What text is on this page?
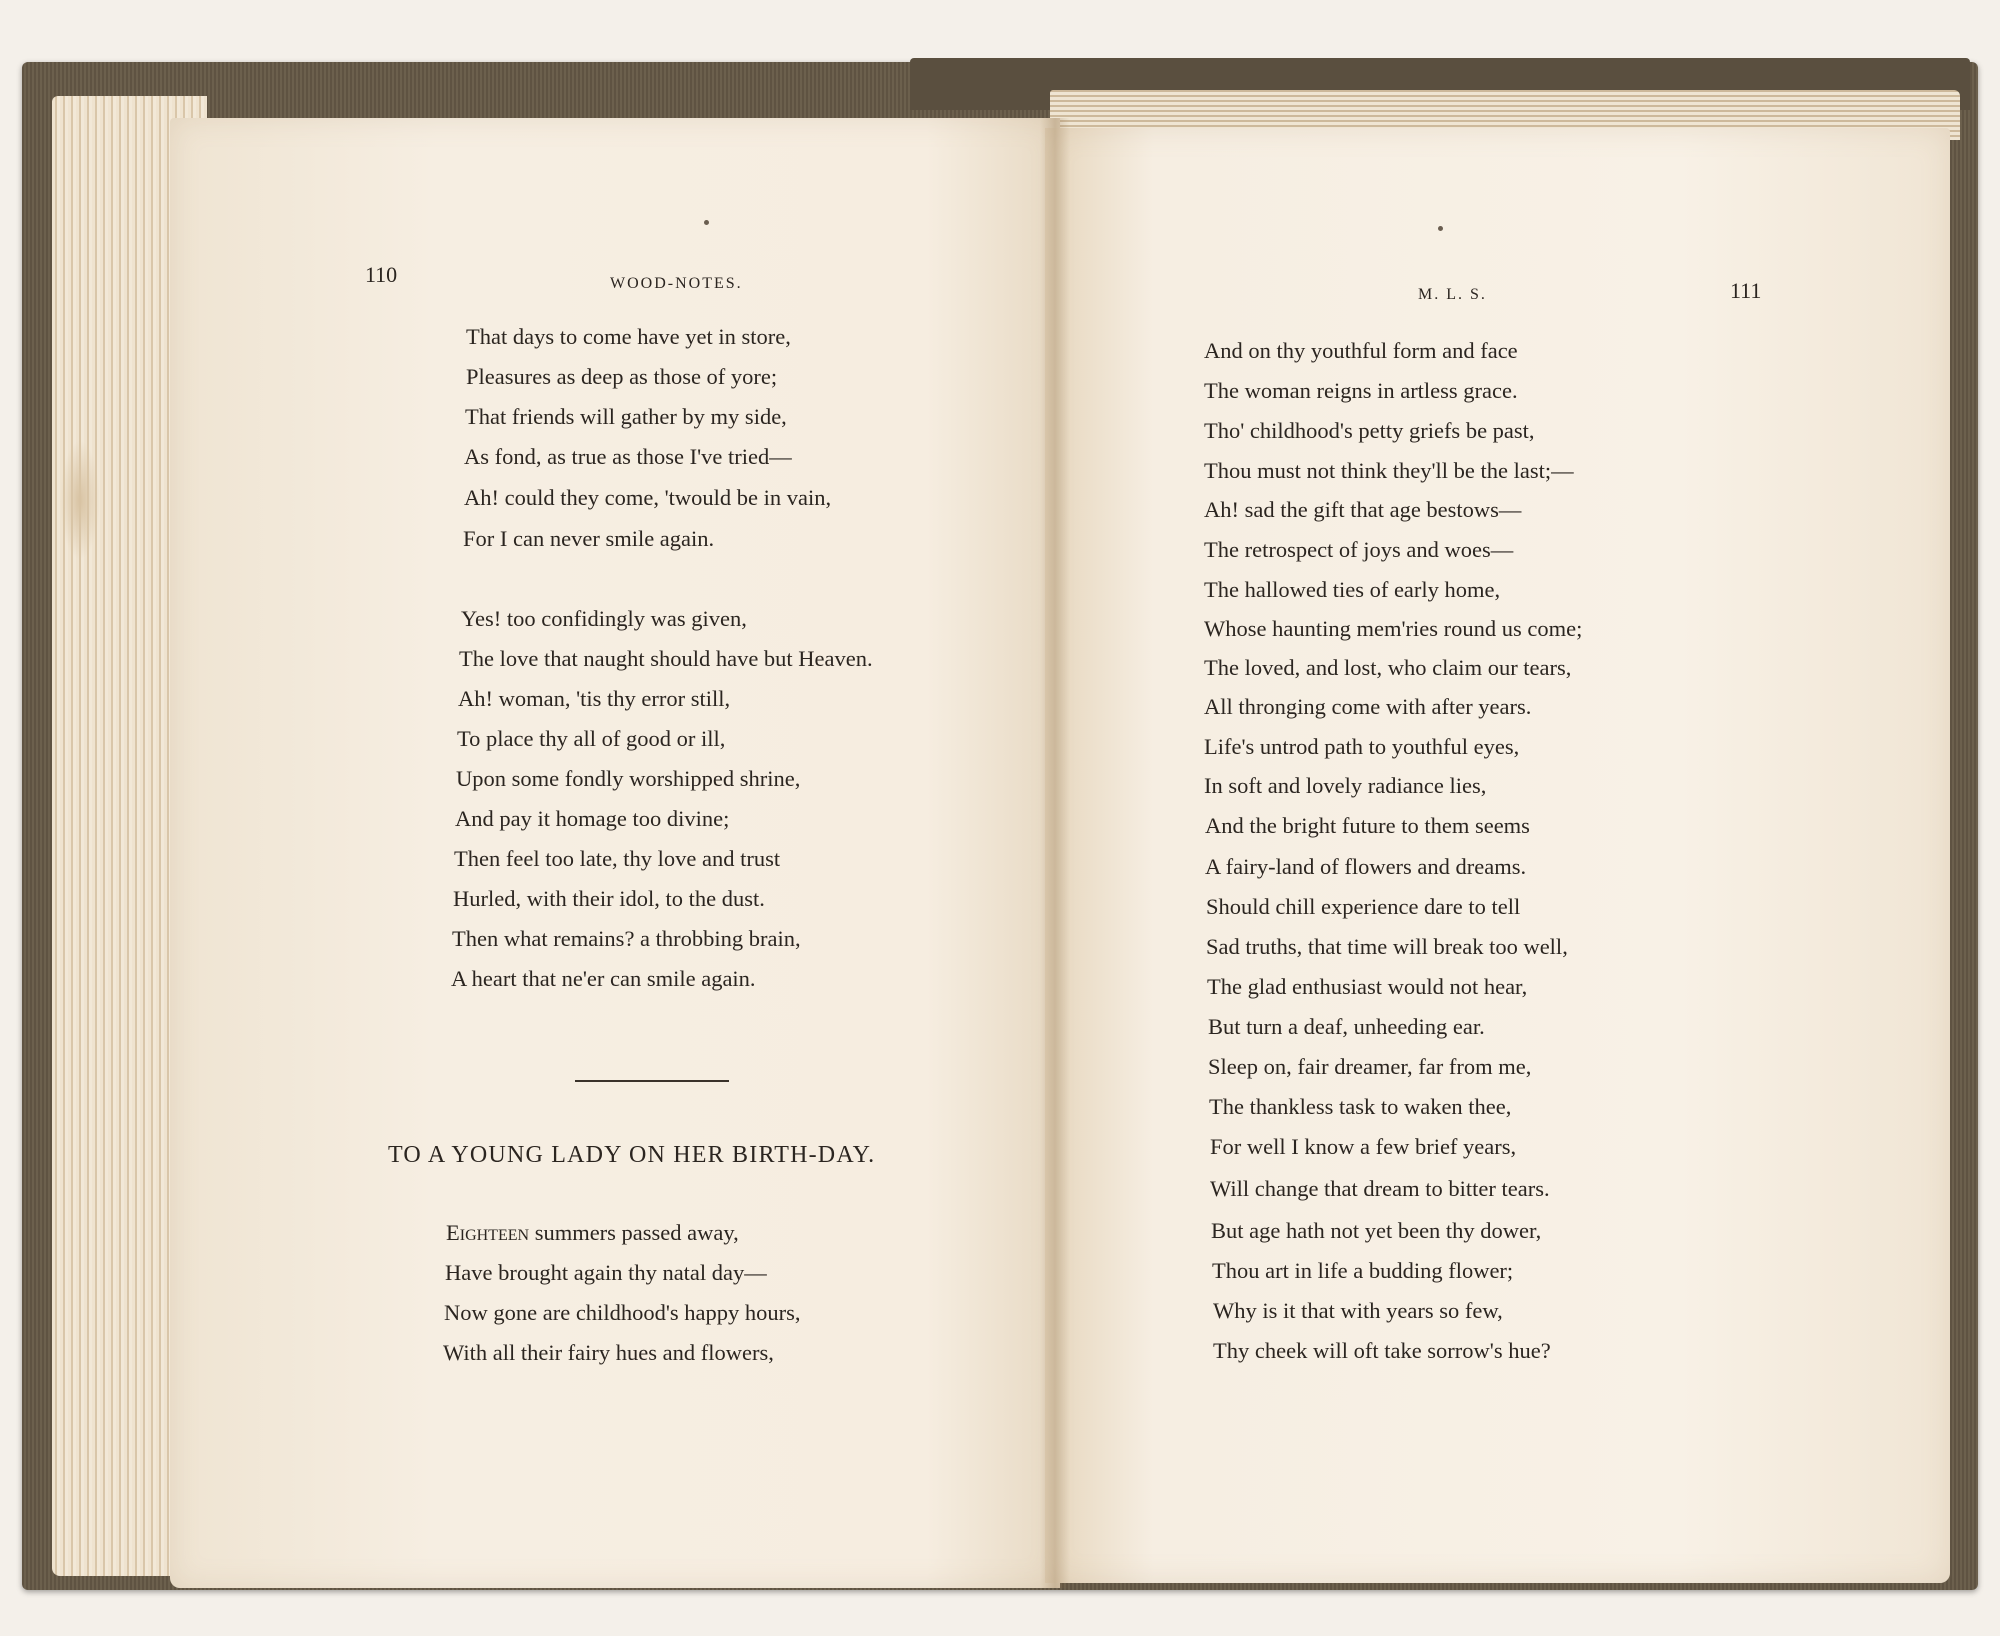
110	WOOD-NOTES.
That days to come have yet in store,
Pleasures as deep as those of yore;
That friends will gather by my side,
As fond, as true as those I've tried—
Ah! could they come, 'twould be in vain,
For I can never smile again.
Yes! too confidingly was given,
The love that naught should have but Heaven.
Ah! woman, 'tis thy error still,
To place thy all of good or ill,
Upon some fondly worshipped shrine,
And pay it homage too divine;
Then feel too late, thy love and trust
Hurled, with their idol, to the dust.
Then what remains? a throbbing brain,
A heart that ne'er can smile again.
TO A YOUNG LADY ON HER BIRTH-DAY.
Eighteen summers passed away,
Have brought again thy natal day—
Now gone are childhood's happy hours,
With all their fairy hues and flowers,
M. L. S.	111
And on thy youthful form and face
The woman reigns in artless grace.
Tho' childhood's petty griefs be past,
Thou must not think they'll be the last;—
Ah! sad the gift that age bestows—
The retrospect of joys and woes—
The hallowed ties of early home,
Whose haunting mem'ries round us come;
The loved, and lost, who claim our tears,
All thronging come with after years.
Life's untrod path to youthful eyes,
In soft and lovely radiance lies,
And the bright future to them seems
A fairy-land of flowers and dreams.
Should chill experience dare to tell
Sad truths, that time will break too well,
The glad enthusiast would not hear,
But turn a deaf, unheeding ear.
Sleep on, fair dreamer, far from me,
The thankless task to waken thee,
For well I know a few brief years,
Will change that dream to bitter tears.
But age hath not yet been thy dower,
Thou art in life a budding flower;
Why is it that with years so few,
Thy cheek will oft take sorrow's hue?
